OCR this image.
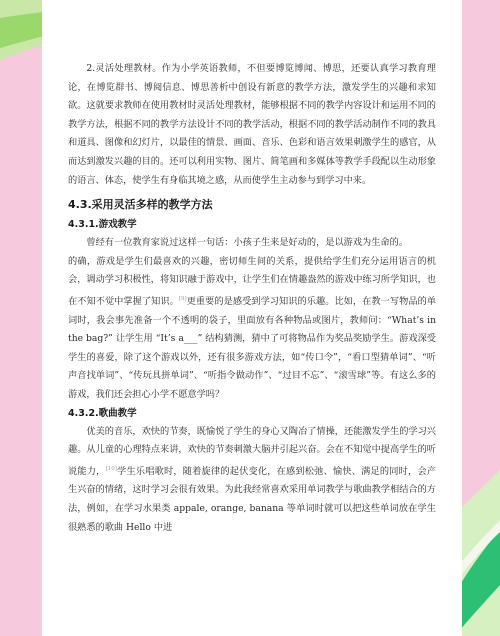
2.灵活处理教材。作为小学英语教师，不但要博览博闻、博思，还要认真学习教育理论，在博览群书、博阅信息、博思善析中创设有新意的教学方法，激发学生的兴趣和求知欲。这就要求教师在使用教材时灵活处理教材，能够根据不同的教学内容设计和运用不同的教学方法，根据不同的教学方法设计不同的教学活动，根据不同的教学活动制作不同的教具和道具、图像和幻灯片，以最佳的情景、画面、音乐、色彩和语言效果刺激学生的感官，从而达到激发兴趣的目的。还可以利用实物、图片、简笔画和多媒体等教学手段配以生动形象的语言、体态，使学生有身临其境之感，从而使学生主动参与到学习中来。

4.3.采用灵活多样的教学方法

4.3.1.游戏教学

曾经有一位教育家说过这样一句话：小孩子生来是好动的，是以游戏为生命的。

的确，游戏是学生们最喜欢的兴趣，密切师生间的关系，提供给学生们充分运用语言的机会，调动学习积极性，将知识融于游戏中，让学生们在情趣盎然的游戏中练习所学知识，也在不知不觉中掌握了知识。[9]更重要的是感受到学习知识的乐趣。比如，在教一写物品的单词时，我会事先准备一个不透明的袋子，里面放有各种物品或图片，教师问：“What’s in the bag?” 让学生用 “It’s a___” 结构猜测，猜中了可将物品作为奖品奖励学生。游戏深受学生的喜爱，除了这个游戏以外，还有很多游戏方法，如“传口令”，“看口型猜单词”、“听声音找单词”、“传玩具拼单词”、“听指令做动作”、“过目不忘”、“滚雪球”等。有这么多的游戏，我们还会担心小学不愿意学吗？

4.3.2.歌曲教学

优美的音乐，欢快的节奏，既愉悦了学生的身心又陶冶了情操，还能激发学生的学习兴趣。从儿童的心理特点来讲，欢快的节奏刺激大脑并引起兴奋。会在不知觉中提高学生的听说能力，[10]学生乐唱歌时，随着旋律的起伏变化，在感到松弛、愉快、满足的同时，会产生兴奋的情绪，这时学习会很有效果。为此我经常喜欢采用单词教学与歌曲教学相结合的方法，例如，在学习水果类 appale, orange, banana 等单词时就可以把这些单词放在学生很熟悉的歌曲 Hello 中进
